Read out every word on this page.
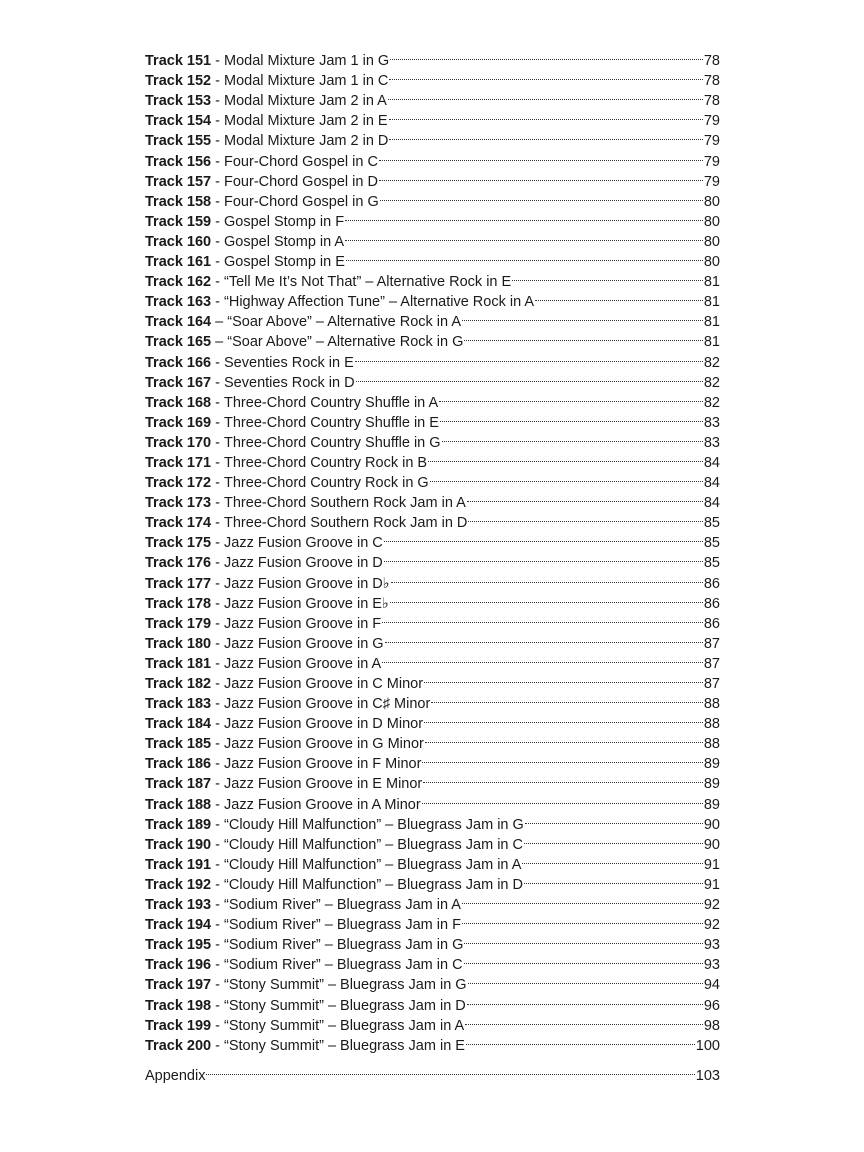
Track 151 - Modal Mixture Jam 1 in G	78
Track 152 - Modal Mixture Jam 1 in C	78
Track 153 - Modal Mixture Jam 2 in A	78
Track 154 - Modal Mixture Jam 2 in E	79
Track 155 - Modal Mixture Jam 2 in D	79
Track 156 - Four-Chord Gospel in C	79
Track 157 - Four-Chord Gospel in D	79
Track 158 - Four-Chord Gospel in G	80
Track 159 - Gospel Stomp in F	80
Track 160 - Gospel Stomp in A	80
Track 161 - Gospel Stomp in E	80
Track 162 - “Tell Me It’s Not That” – Alternative Rock in E	81
Track 163 - “Highway Affection Tune” – Alternative Rock in A	81
Track 164 – “Soar Above” – Alternative Rock in A	81
Track 165 – “Soar Above” – Alternative Rock in G	81
Track 166 - Seventies Rock in E	82
Track 167 - Seventies Rock in D	82
Track 168 - Three-Chord Country Shuffle in A	82
Track 169 - Three-Chord Country Shuffle in E	83
Track 170 - Three-Chord Country Shuffle in G	83
Track 171 - Three-Chord Country Rock in B	84
Track 172 - Three-Chord Country Rock in G	84
Track 173 - Three-Chord Southern Rock Jam in A	84
Track 174 - Three-Chord Southern Rock Jam in D	85
Track 175 - Jazz Fusion Groove in C	85
Track 176 - Jazz Fusion Groove in D	85
Track 177 - Jazz Fusion Groove in D♭	86
Track 178 - Jazz Fusion Groove in E♭	86
Track 179 - Jazz Fusion Groove in F	86
Track 180 - Jazz Fusion Groove in G	87
Track 181 - Jazz Fusion Groove in A	87
Track 182 - Jazz Fusion Groove in C Minor	87
Track 183 - Jazz Fusion Groove in C♯ Minor	88
Track 184 - Jazz Fusion Groove in D Minor	88
Track 185 - Jazz Fusion Groove in G Minor	88
Track 186 - Jazz Fusion Groove in F Minor	89
Track 187 - Jazz Fusion Groove in E Minor	89
Track 188 - Jazz Fusion Groove in A Minor	89
Track 189 - “Cloudy Hill Malfunction” – Bluegrass Jam in G	90
Track 190 - “Cloudy Hill Malfunction” – Bluegrass Jam in C	90
Track 191 - “Cloudy Hill Malfunction” – Bluegrass Jam in A	91
Track 192 - “Cloudy Hill Malfunction” – Bluegrass Jam in D	91
Track 193 - “Sodium River” – Bluegrass Jam in A	92
Track 194 - “Sodium River” – Bluegrass Jam in F	92
Track 195 - “Sodium River” – Bluegrass Jam in G	93
Track 196 - “Sodium River” – Bluegrass Jam in C	93
Track 197 - “Stony Summit” – Bluegrass Jam in G	94
Track 198 - “Stony Summit” – Bluegrass Jam in D	96
Track 199 - “Stony Summit” – Bluegrass Jam in A	98
Track 200 - “Stony Summit” – Bluegrass Jam in E	100
Appendix	103
